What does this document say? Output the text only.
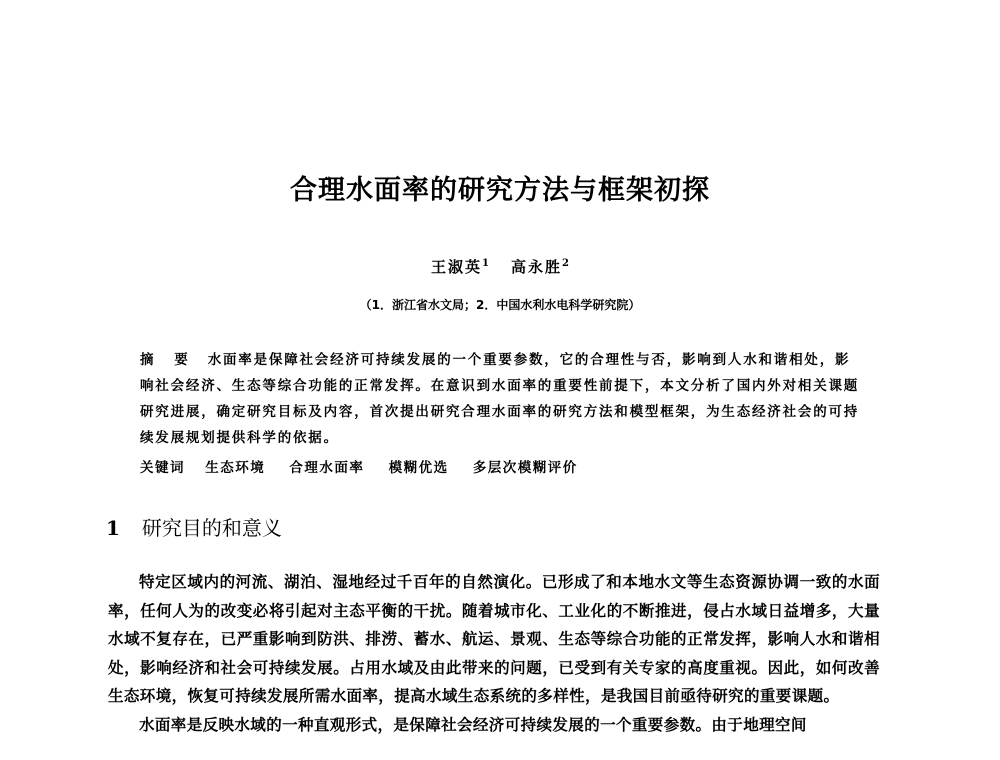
合理水面率的研究方法与框架初探
王淑英$^1$ 高永胜$^2$
（1．浙江省水文局；2．中国水利水电科学研究院）
摘 要 水面率是保障社会经济可持续发展的一个重要参数，它的合理性与否，影响到人水和谐相处，影响社会经济、生态等综合功能的正常发挥。在意识到水面率的重要性前提下，本文分析了国内外对相关课题研究进展，确定研究目标及内容，首次提出研究合理水面率的研究方法和模型框架，为生态经济社会的可持续发展规划提供科学的依据。
关键词 生态环境 合理水面率 模糊优选 多层次模糊评价
1 研究目的和意义

特定区域内的河流、湖泊、湿地经过千百年的自然演化。已形成了和本地水文等生态资源协调一致的水面率，任何人为的改变必将引起对主态平衡的干扰。随着城市化、工业化的不断推进，侵占水域日益增多，大量水域不复存在，已严重影响到防洪、排涝、蓄水、航运、景观、生态等综合功能的正常发挥，影响人水和谐相处，影响经济和社会可持续发展。占用水域及由此带来的问题，已受到有关专家的高度重视。因此，如何改善生态环境，恢复可持续发展所需水面率，提高水域生态系统的多样性，是我国目前亟待研究的重要课题。

水面率是反映水域的一种直观形式，是保障社会经济可持续发展的一个重要参数。由于地理空间
